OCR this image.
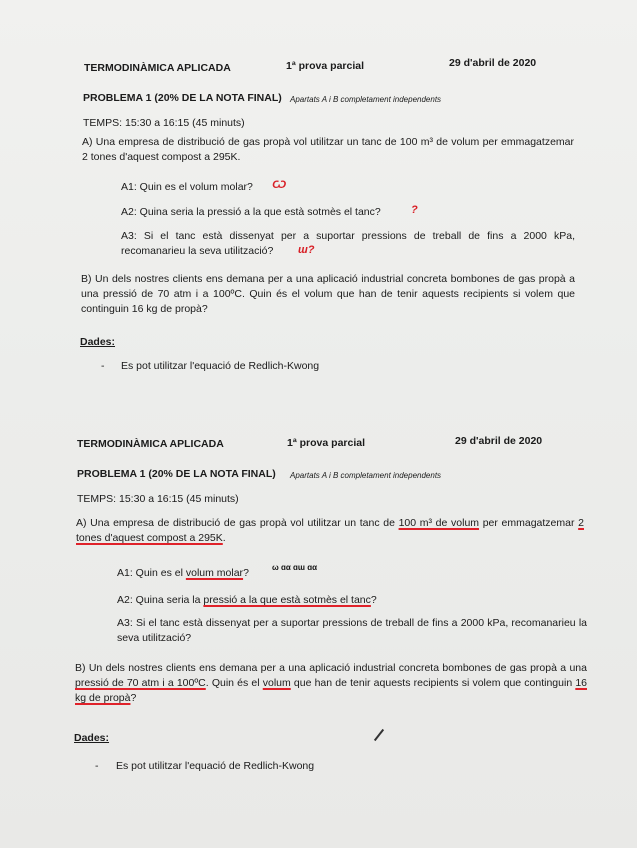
TERMODINÀMICA APLICADA	1ª prova parcial	29 d'abril de 2020
PROBLEMA 1 (20% DE LA NOTA FINAL) Apartats A i B completament independents
TEMPS: 15:30 a 16:15 (45 minuts)
A) Una empresa de distribució de gas propà vol utilitzar un tanc de 100 m³ de volum per emmagatzemar 2 tones d'aquest compost a 295K.
A1: Quin es el volum molar? Ѡ
A2: Quina seria la pressió a la que està sotmès el tanc?	?
A3: Si el tanc està dissenyat per a suportar pressions de treball de fins a 2000 kPa, recomanarieu la seva utilització?	ɯ?
B) Un dels nostres clients ens demana per a una aplicació industrial concreta bombones de gas propà a una pressió de 70 atm i a 100ºC. Quin és el volum que han de tenir aquests recipients si volem que continguin 16 kg de propà?
Dades:
- Es pot utilitzar l'equació de Redlich-Kwong
TERMODINÀMICA APLICADA	1ª prova parcial	29 d'abril de 2020
PROBLEMA 1 (20% DE LA NOTA FINAL) Apartats A i B completament independents
TEMPS: 15:30 a 16:15 (45 minuts)
A) Una empresa de distribució de gas propà vol utilitzar un tanc de 100 m³ de volum per emmagatzemar 2 tones d'aquest compost a 295K.
A1: Quin es el volum molar?	ω ɑα ɑɯ ɑα
A2: Quina seria la pressió a la que està sotmès el tanc?
A3: Si el tanc està dissenyat per a suportar pressions de treball de fins a 2000 kPa, recomanarieu la seva utilització?
B) Un dels nostres clients ens demana per a una aplicació industrial concreta bombones de gas propà a una pressió de 70 atm i a 100ºC. Quin és el volum que han de tenir aquests recipients si volem que continguin 16 kg de propà?
Dades:
- Es pot utilitzar l'equació de Redlich-Kwong
